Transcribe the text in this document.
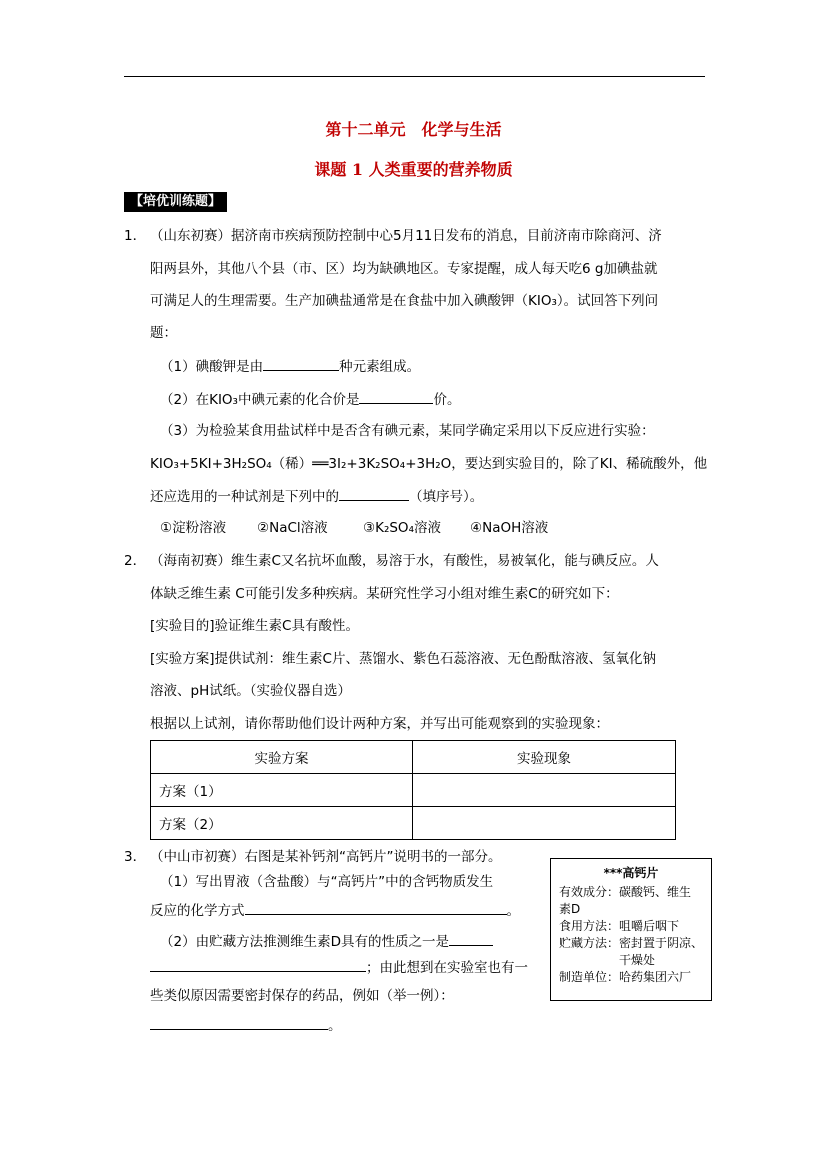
第十二单元　化学与生活
课题 1 人类重要的营养物质
【培优训练题】
1． （山东初赛）据济南市疾病预防控制中心5月11日发布的消息，目前济南市除商河、济
阳两县外，其他八个县（市、区）均为缺碘地区。专家提醒，成人每天吃6 g加碘盐就
可满足人的生理需要。生产加碘盐通常是在食盐中加入碘酸钾（KIO₃）。试回答下列问
题：
（1）碘酸钾是由	种元素组成。
（2）在KIO₃中碘元素的化合价是	价。
（3）为检验某食用盐试样中是否含有碘元素，某同学确定采用以下反应进行实验：
KIO₃+5KI+3H₂SO₄（稀）══3I₂+3K₂SO₄+3H₂O，要达到实验目的，除了KI、稀硫酸外，他
还应选用的一种试剂是下列中的	（填序号）。
①淀粉溶液 ②NaCl溶液	③K₂SO₄溶液 ④NaOH溶液
2． （海南初赛）维生素C又名抗坏血酸，易溶于水，有酸性，易被氧化，能与碘反应。人
体缺乏维生素 C可能引发多种疾病。某研究性学习小组对维生素C的研究如下：
[实验目的]验证维生素C具有酸性。
[实验方案]提供试剂：维生素C片、蒸馏水、紫色石蕊溶液、无色酚酞溶液、氢氧化钠
溶液、pH试纸。（实验仪器自选）
根据以上试剂，请你帮助他们设计两种方案，并写出可能观察到的实验现象：
实验方案	实验现象
方案（1）	
方案（2）	
3． （中山市初赛）右图是某补钙剂“高钙片”说明书的一部分。
（1）写出胃液（含盐酸）与“高钙片”中的含钙物质发生
反应的化学方式	。
（2）由贮藏方法推测维生素D具有的性质之一是
；由此想到在实验室也有一
些类似原因需要密封保存的药品，例如（举一例）：
。
***高钙片
有效成分：碳酸钙、维生
素D
食用方法：咀嚼后咽下
贮藏方法：密封置于阴凉、
干燥处
制造单位：哈药集团六厂
